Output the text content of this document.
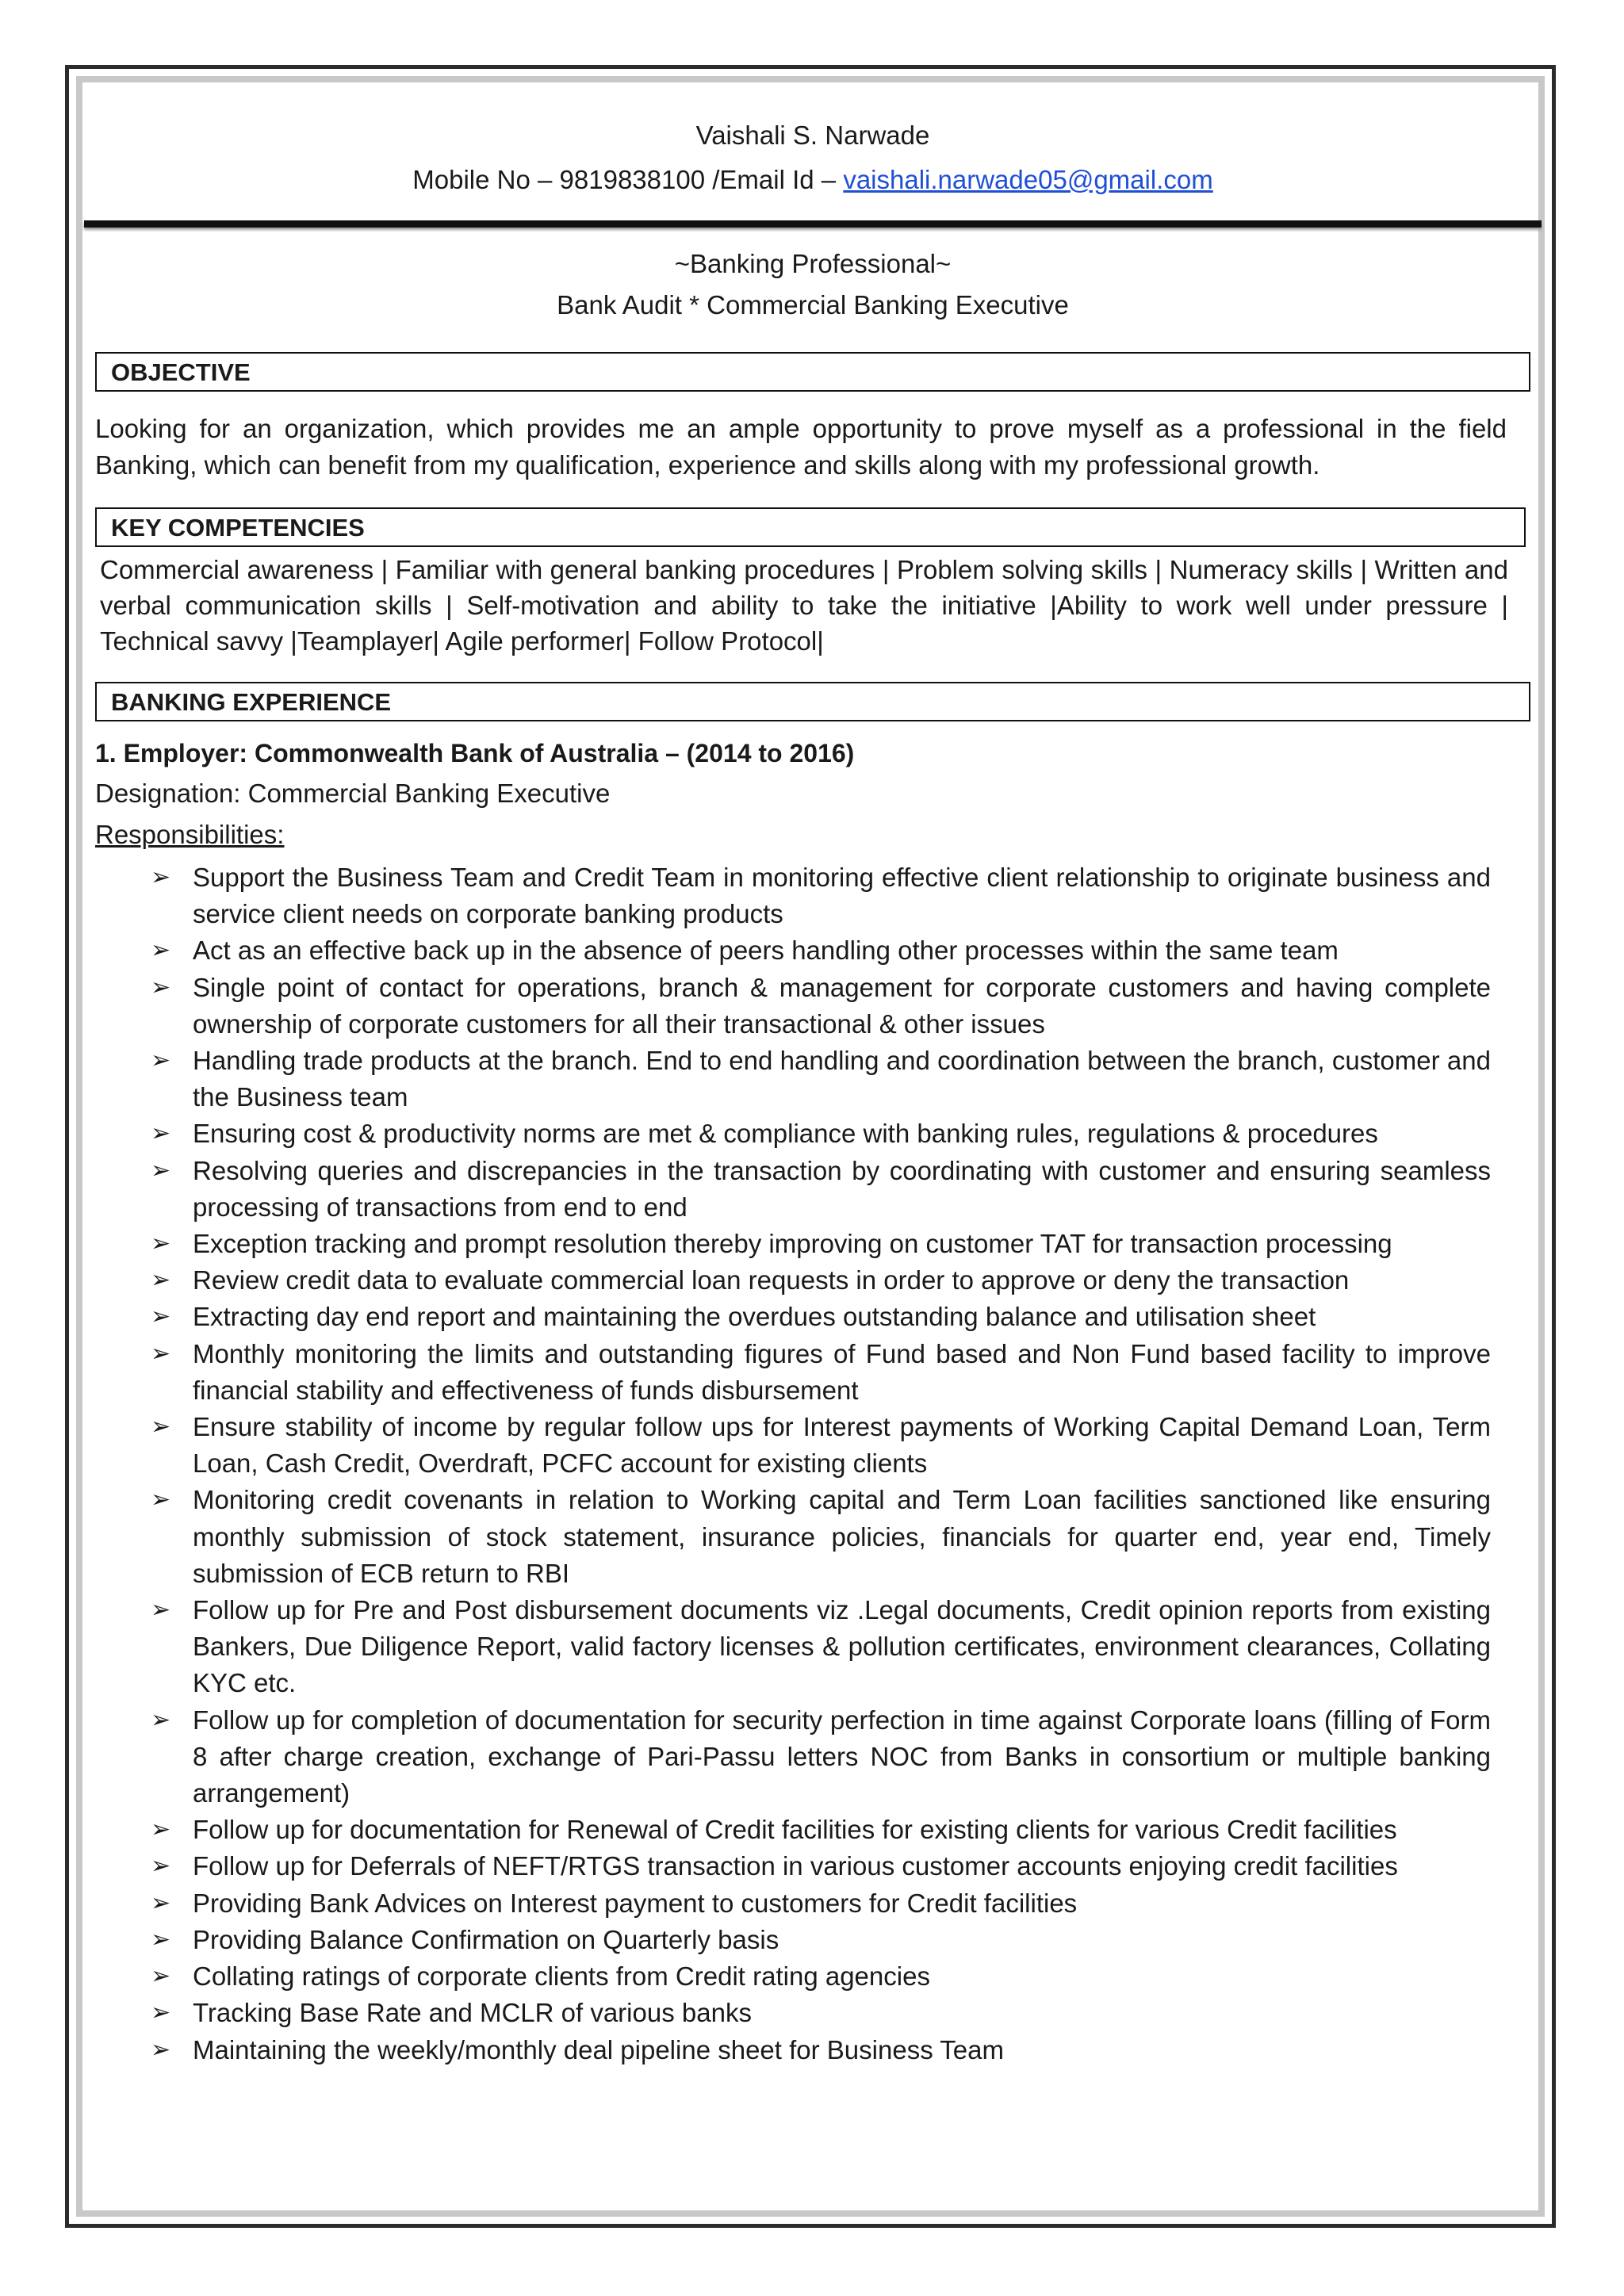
Vaishali S. Narwade
Mobile No – 9819838100 /Email Id – vaishali.narwade05@gmail.com
~Banking Professional~
Bank Audit * Commercial Banking Executive
OBJECTIVE
Looking for an organization, which provides me an ample opportunity to prove myself as a professional in the field Banking, which can benefit from my qualification, experience and skills along with my professional growth.
KEY COMPETENCIES
Commercial awareness | Familiar with general banking procedures | Problem solving skills | Numeracy skills | Written and verbal communication skills | Self-motivation and ability to take the initiative |Ability to work well under pressure | Technical savvy |Teamplayer| Agile performer| Follow Protocol|
BANKING EXPERIENCE
1. Employer: Commonwealth Bank of Australia – (2014 to 2016)
Designation: Commercial Banking Executive
Responsibilities:
➢ Support the Business Team and Credit Team in monitoring effective client relationship to originate business and service client needs on corporate banking products
➢ Act as an effective back up in the absence of peers handling other processes within the same team
➢ Single point of contact for operations, branch & management for corporate customers and having complete ownership of corporate customers for all their transactional & other issues
➢ Handling trade products at the branch. End to end handling and coordination between the branch, customer and the Business team
➢ Ensuring cost & productivity norms are met & compliance with banking rules, regulations & procedures
➢ Resolving queries and discrepancies in the transaction by coordinating with customer and ensuring seamless processing of transactions from end to end
➢ Exception tracking and prompt resolution thereby improving on customer TAT for transaction processing
➢ Review credit data to evaluate commercial loan requests in order to approve or deny the transaction
➢ Extracting day end report and maintaining the overdues outstanding balance and utilisation sheet
➢ Monthly monitoring the limits and outstanding figures of Fund based and Non Fund based facility to improve financial stability and effectiveness of funds disbursement
➢ Ensure stability of income by regular follow ups for Interest payments of Working Capital Demand Loan, Term Loan, Cash Credit, Overdraft, PCFC account for existing clients
➢ Monitoring credit covenants in relation to Working capital and Term Loan facilities sanctioned like ensuring monthly submission of stock statement, insurance policies, financials for quarter end, year end, Timely submission of ECB return to RBI
➢ Follow up for Pre and Post disbursement documents viz .Legal documents, Credit opinion reports from existing Bankers, Due Diligence Report, valid factory licenses & pollution certificates, environment clearances, Collating KYC etc.
➢ Follow up for completion of documentation for security perfection in time against Corporate loans (filling of Form 8 after charge creation, exchange of Pari-Passu letters NOC from Banks in consortium or multiple banking arrangement)
➢ Follow up for documentation for Renewal of Credit facilities for existing clients for various Credit facilities
➢ Follow up for Deferrals of NEFT/RTGS transaction in various customer accounts enjoying credit facilities
➢ Providing Bank Advices on Interest payment to customers for Credit facilities
➢ Providing Balance Confirmation on Quarterly basis
➢ Collating ratings of corporate clients from Credit rating agencies
➢ Tracking Base Rate and MCLR of various banks
➢ Maintaining the weekly/monthly deal pipeline sheet for Business Team
